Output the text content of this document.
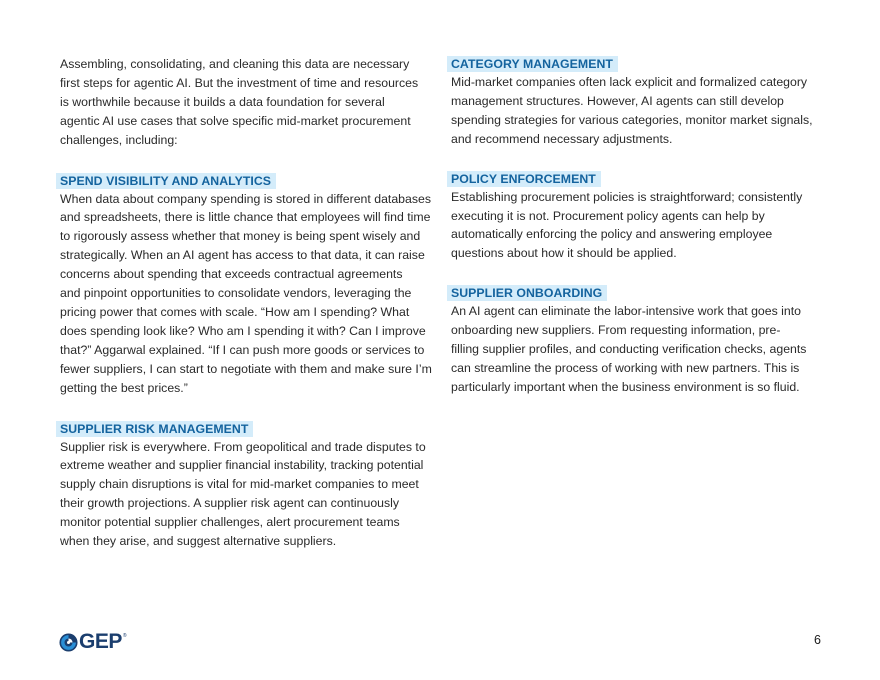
Assembling, consolidating, and cleaning this data are necessary
first steps for agentic AI. But the investment of time and resources
is worthwhile because it builds a data foundation for several
agentic AI use cases that solve specific mid-market procurement
challenges, including:

SPEND VISIBILITY AND ANALYTICS

When data about company spending is stored in different databases
and spreadsheets, there is little chance that employees will find time
to rigorously assess whether that money is being spent wisely and
strategically. When an AI agent has access to that data, it can raise
concerns about spending that exceeds contractual agreements
and pinpoint opportunities to consolidate vendors, leveraging the
pricing power that comes with scale. “How am I spending? What
does spending look like? Who am I spending it with? Can I improve
that?” Aggarwal explained. “If I can push more goods or services to
fewer suppliers, I can start to negotiate with them and make sure I’m
getting the best prices.”

SUPPLIER RISK MANAGEMENT

Supplier risk is everywhere. From geopolitical and trade disputes to
extreme weather and supplier financial instability, tracking potential
supply chain disruptions is vital for mid-market companies to meet
their growth projections. A supplier risk agent can continuously
monitor potential supplier challenges, alert procurement teams
when they arise, and suggest alternative suppliers.

CATEGORY MANAGEMENT

Mid-market companies often lack explicit and formalized category
management structures. However, AI agents can still develop
spending strategies for various categories, monitor market signals,
and recommend necessary adjustments.

POLICY ENFORCEMENT

Establishing procurement policies is straightforward; consistently
executing it is not. Procurement policy agents can help by
automatically enforcing the policy and answering employee
questions about how it should be applied.

SUPPLIER ONBOARDING

An AI agent can eliminate the labor-intensive work that goes into
onboarding new suppliers. From requesting information, pre-
filling supplier profiles, and conducting verification checks, agents
can streamline the process of working with new partners. This is
particularly important when the business environment is so fluid.

GEP ®	6
